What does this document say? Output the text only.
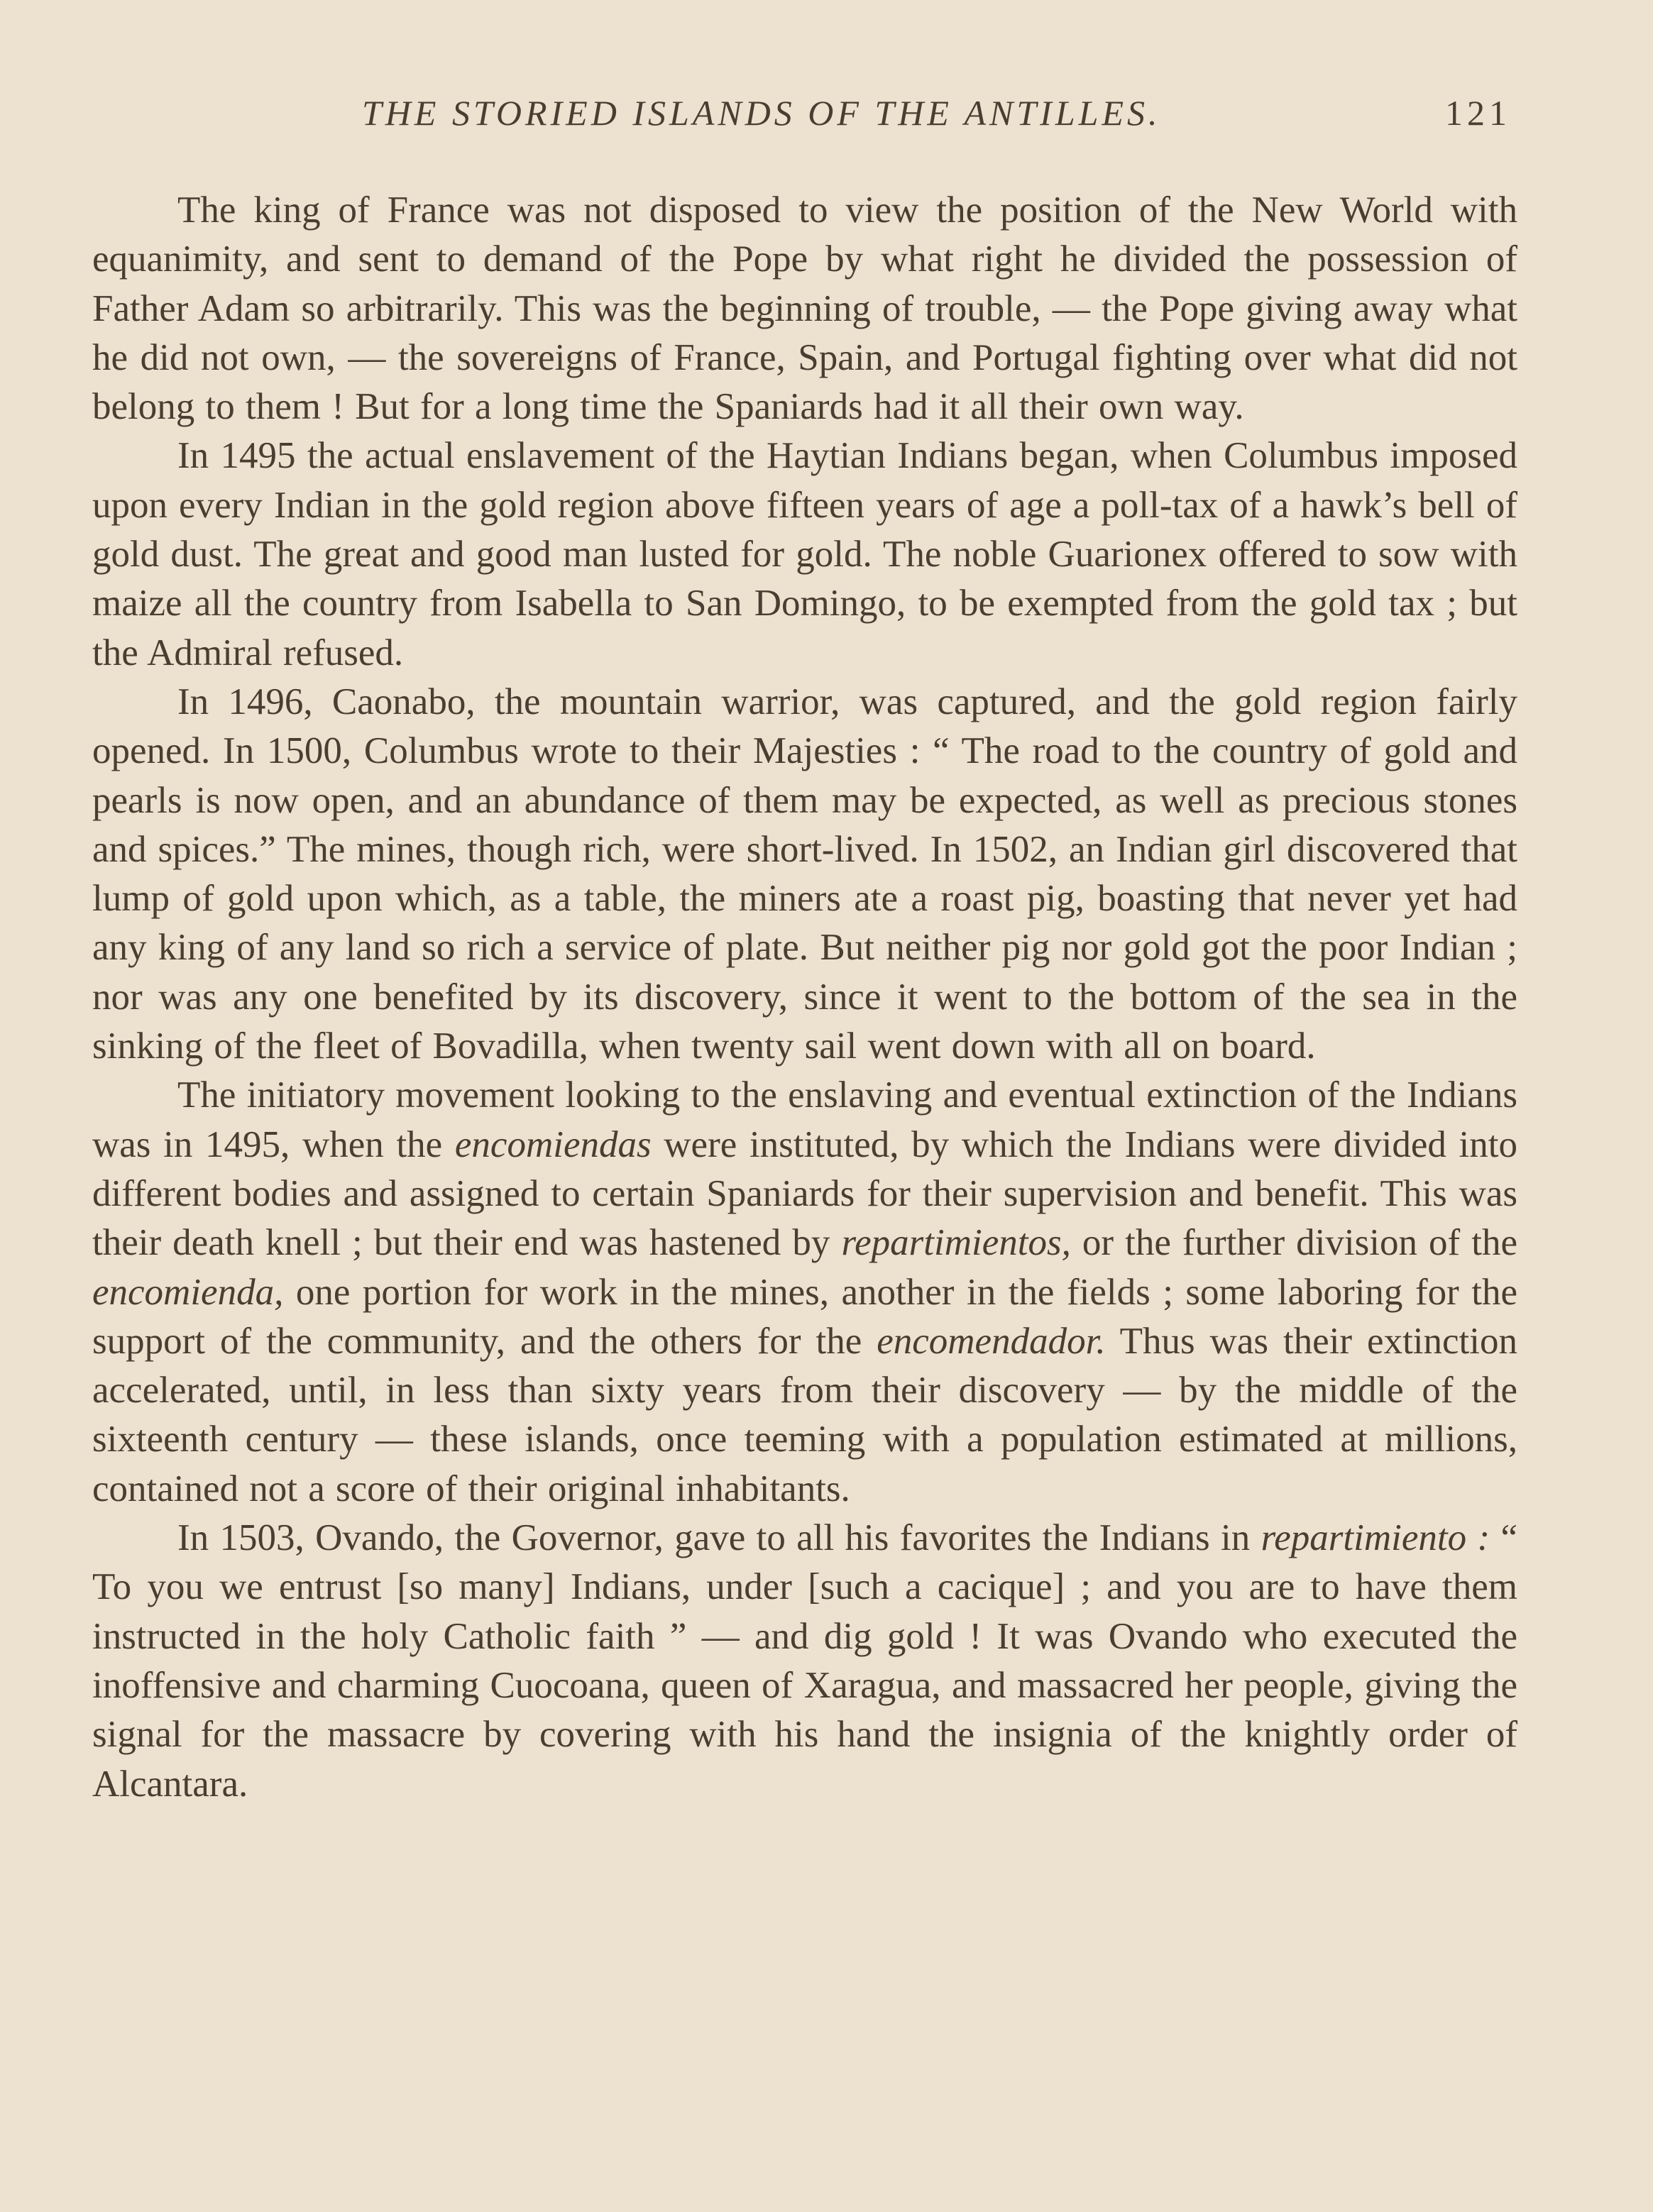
THE STORIED ISLANDS OF THE ANTILLES.	121

The king of France was not disposed to view the position of the New World with equanimity, and sent to demand of the Pope by what right he divided the possession of Father Adam so arbitrarily. This was the beginning of trouble, — the Pope giving away what he did not own, — the sovereigns of France, Spain, and Portugal fighting over what did not belong to them ! But for a long time the Spaniards had it all their own way.

In 1495 the actual enslavement of the Haytian Indians began, when Columbus imposed upon every Indian in the gold region above fifteen years of age a poll-tax of a hawk’s bell of gold dust. The great and good man lusted for gold. The noble Guarionex offered to sow with maize all the country from Isabella to San Domingo, to be exempted from the gold tax ; but the Admiral refused.

In 1496, Caonabo, the mountain warrior, was captured, and the gold region fairly opened. In 1500, Columbus wrote to their Majesties : “ The road to the country of gold and pearls is now open, and an abundance of them may be expected, as well as precious stones and spices.” The mines, though rich, were short-lived. In 1502, an Indian girl discovered that lump of gold upon which, as a table, the miners ate a roast pig, boasting that never yet had any king of any land so rich a service of plate. But neither pig nor gold got the poor Indian ; nor was any one benefited by its discovery, since it went to the bottom of the sea in the sinking of the fleet of Bovadilla, when twenty sail went down with all on board.

The initiatory movement looking to the enslaving and eventual extinction of the Indians was in 1495, when the encomiendas were instituted, by which the Indians were divided into different bodies and assigned to certain Spaniards for their supervision and benefit. This was their death knell ; but their end was hastened by repartimientos, or the further division of the encomienda, one portion for work in the mines, another in the fields ; some laboring for the support of the community, and the others for the encomendador. Thus was their extinction accelerated, until, in less than sixty years from their discovery — by the middle of the sixteenth century — these islands, once teeming with a population estimated at millions, contained not a score of their original inhabitants.

In 1503, Ovando, the Governor, gave to all his favorites the Indians in repartimiento : “ To you we entrust [so many] Indians, under [such a cacique] ; and you are to have them instructed in the holy Catholic faith ” — and dig gold ! It was Ovando who executed the inoffensive and charming Cuocoana, queen of Xaragua, and massacred her people, giving the signal for the massacre by covering with his hand the insignia of the knightly order of Alcantara.
